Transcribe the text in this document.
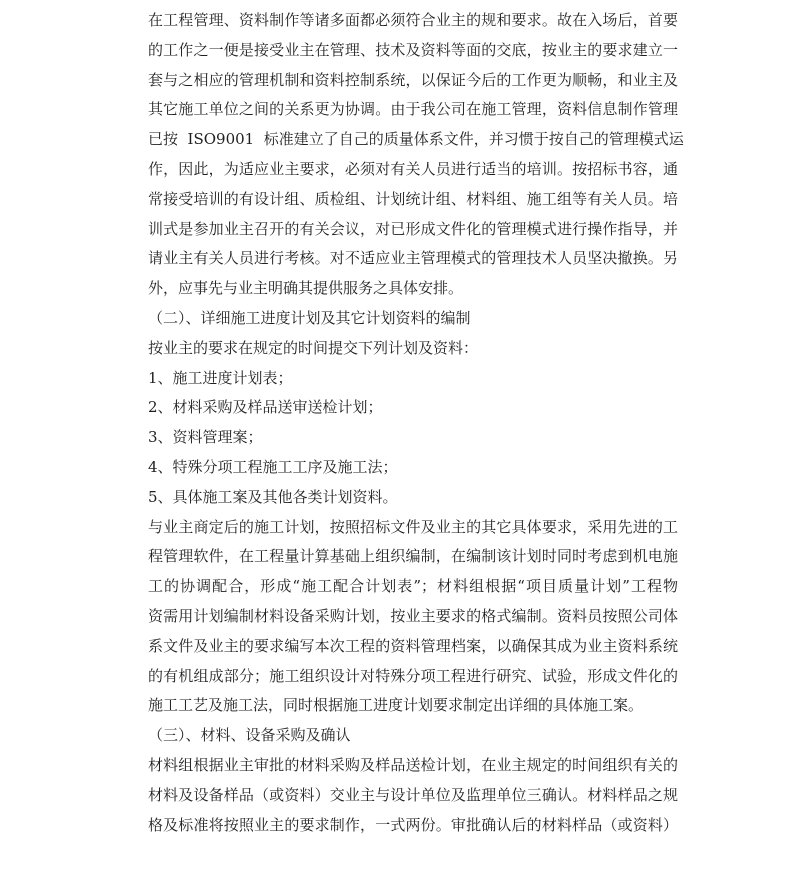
在工程管理、资料制作等诸多面都必须符合业主的规和要求。故在入场后，首要
的工作之一便是接受业主在管理、技术及资料等面的交底，按业主的要求建立一
套与之相应的管理机制和资料控制系统，以保证今后的工作更为顺畅，和业主及
其它施工单位之间的关系更为协调。由于我公司在施工管理，资料信息制作管理
已按  ISO9001  标准建立了自己的质量体系文件，并习惯于按自己的管理模式运
作，因此，为适应业主要求，必须对有关人员进行适当的培训。按招标书容，通
常接受培训的有设计组、质检组、计划统计组、材料组、施工组等有关人员。培
训式是参加业主召开的有关会议，对已形成文件化的管理模式进行操作指导，并
请业主有关人员进行考核。对不适应业主管理模式的管理技术人员坚决撤换。另
外，应事先与业主明确其提供服务之具体安排。
（二）、详细施工进度计划及其它计划资料的编制
按业主的要求在规定的时间提交下列计划及资料：
1、施工进度计划表；
2、材料采购及样品送审送检计划；
3、资料管理案；
4、特殊分项工程施工工序及施工法；
5、具体施工案及其他各类计划资料。
与业主商定后的施工计划，按照招标文件及业主的其它具体要求，采用先进的工
程管理软件，在工程量计算基础上组织编制，在编制该计划时同时考虑到机电施
工的协调配合，形成“施工配合计划表”；材料组根据“项目质量计划”工程物
资需用计划编制材料设备采购计划，按业主要求的格式编制。资料员按照公司体
系文件及业主的要求编写本次工程的资料管理档案，以确保其成为业主资料系统
的有机组成部分；施工组织设计对特殊分项工程进行研究、试验，形成文件化的
施工工艺及施工法，同时根据施工进度计划要求制定出详细的具体施工案。
（三）、材料、设备采购及确认
材料组根据业主审批的材料采购及样品送检计划，在业主规定的时间组织有关的
材料及设备样品（或资料）交业主与设计单位及监理单位三确认。材料样品之规
格及标准将按照业主的要求制作，一式两份。审批确认后的材料样品（或资料）
